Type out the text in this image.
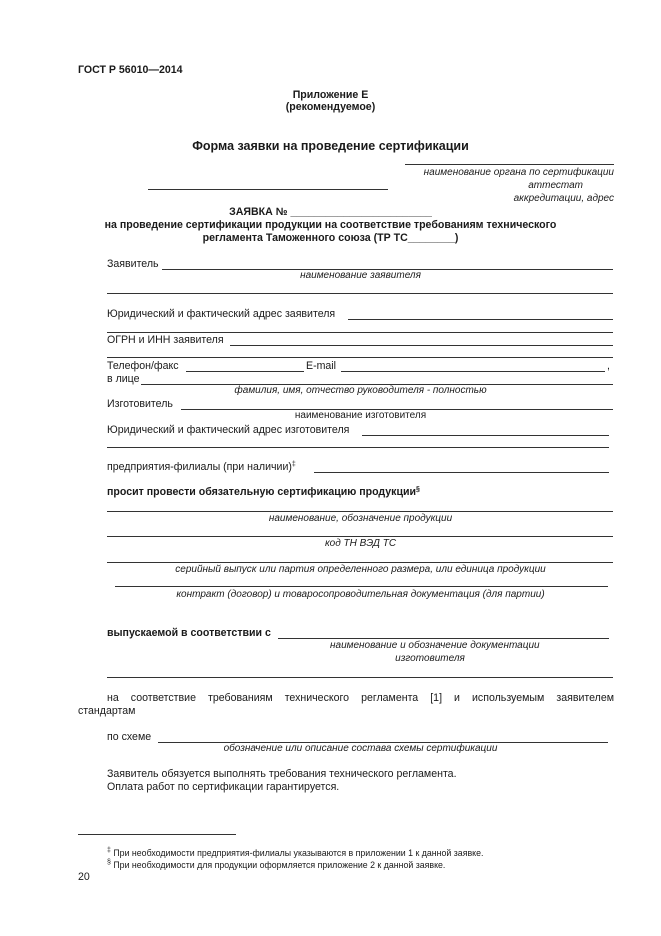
ГОСТ Р 56010—2014
Приложение Е
(рекомендуемое)
Форма заявки на проведение сертификации
наименование органа по сертификации
аттестат
аккредитации, адрес
ЗАЯВКА № ________________________
на проведение сертификации продукции на соответствие требованиям технического
регламента Таможенного союза (ТР ТС________)
Заявитель
наименование заявителя
Юридический и фактический адрес заявителя
ОГРН и ИНН заявителя
Телефон/факс	E-mail	,
в лице
фамилия, имя, отчество руководителя - полностью
Изготовитель
наименование изготовителя
Юридический и фактический адрес изготовителя
предприятия-филиалы (при наличии)‡
просит провести обязательную сертификацию продукции§
наименование, обозначение продукции
код ТН ВЭД ТС
серийный выпуск или партия определенного размера, или единица продукции
контракт (договор) и товаросопроводительная документация (для партии)
выпускаемой в соответствии с
наименование и обозначение документации
изготовителя
на соответствие требованиям технического регламента [1] и используемым заявителем
стандартам
по схеме
обозначение или описание состава схемы сертификации
Заявитель обязуется выполнять требования технического регламента.
Оплата работ по сертификации гарантируется.
‡ При необходимости предприятия-филиалы указываются в приложении 1 к данной заявке.
§ При необходимости для продукции оформляется приложение 2 к данной заявке.
20
